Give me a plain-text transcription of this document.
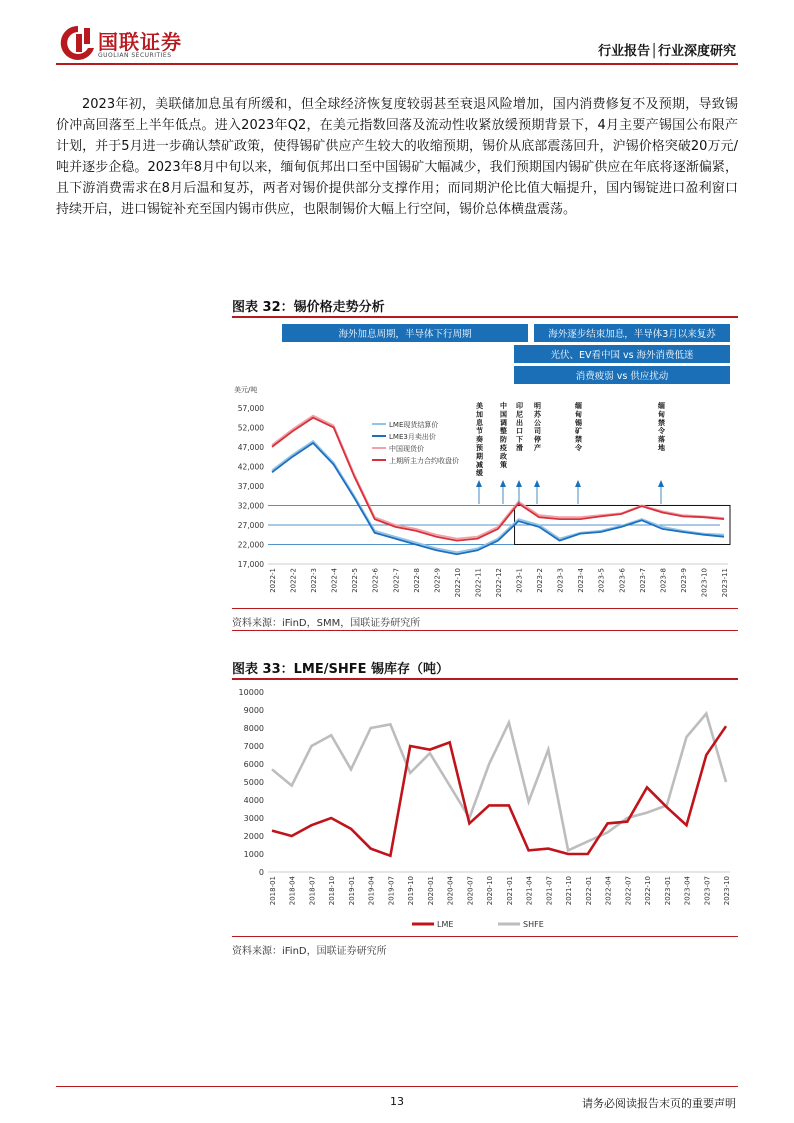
国联证券
GUOLIAN SECURITIES	行业报告│行业深度研究
2023年初，美联储加息虽有所缓和，但全球经济恢复度较弱甚至衰退风险增加，国内消费修复不及预期，导致锡价冲高回落至上半年低点。进入2023年Q2，在美元指数回落及流动性收紧放缓预期背景下，4月主要产锡国公布限产计划，并于5月进一步确认禁矿政策，使得锡矿供应产生较大的收缩预期，锡价从底部震荡回升，沪锡价格突破20万元/吨并逐步企稳。2023年8月中旬以来，缅甸佤邦出口至中国锡矿大幅减少，我们预期国内锡矿供应在年底将逐渐偏紧，且下游消费需求在8月后温和复苏，两者对锡价提供部分支撑作用；而同期沪伦比值大幅提升，国内锡锭进口盈利窗口持续开启，进口锡锭补充至国内锡市供应，也限制锡价大幅上行空间，锡价总体横盘震荡。
图表 32：锡价格走势分析
海外加息周期，半导体下行周期	海外逐步结束加息，半导体3月以来复苏
光伏、EV看中国 vs 海外消费低迷
消费疲弱 vs 供应扰动
美元/吨
17,000
22,000
27,000
32,000
37,000
42,000
47,000
52,000
57,000
2022-1 2022-2 2022-3 2022-4 2022-5 2022-6 2022-7 2022-8 2022-9 2022-10 2022-11 2022-12 2023-1 2023-2 2023-3 2023-4 2023-5 2023-6 2023-7 2023-8 2023-9 2023-10 2023-11
LME现货结算价
LME3月卖出价
中国现货价
上期所主力合约收盘价
美加息节奏预期减缓
中国调整防疫政策
印尼出口下滑
明苏公司停产
缅甸锡矿禁令
缅甸禁令落地
资料来源：iFinD，SMM，国联证券研究所
图表 33：LME/SHFE 锡库存（吨）
0
1000
2000
3000
4000
5000
6000
7000
8000
9000
10000
2018-01 2018-04 2018-07 2018-10 2019-01 2019-04 2019-07 2019-10 2020-01 2020-04 2020-07 2020-10 2021-01 2021-04 2021-07 2021-10 2022-01 2022-04 2022-07 2022-10 2023-01 2023-04 2023-07 2023-10
LME	SHFE
资料来源：iFinD，国联证券研究所
13	请务必阅读报告末页的重要声明
